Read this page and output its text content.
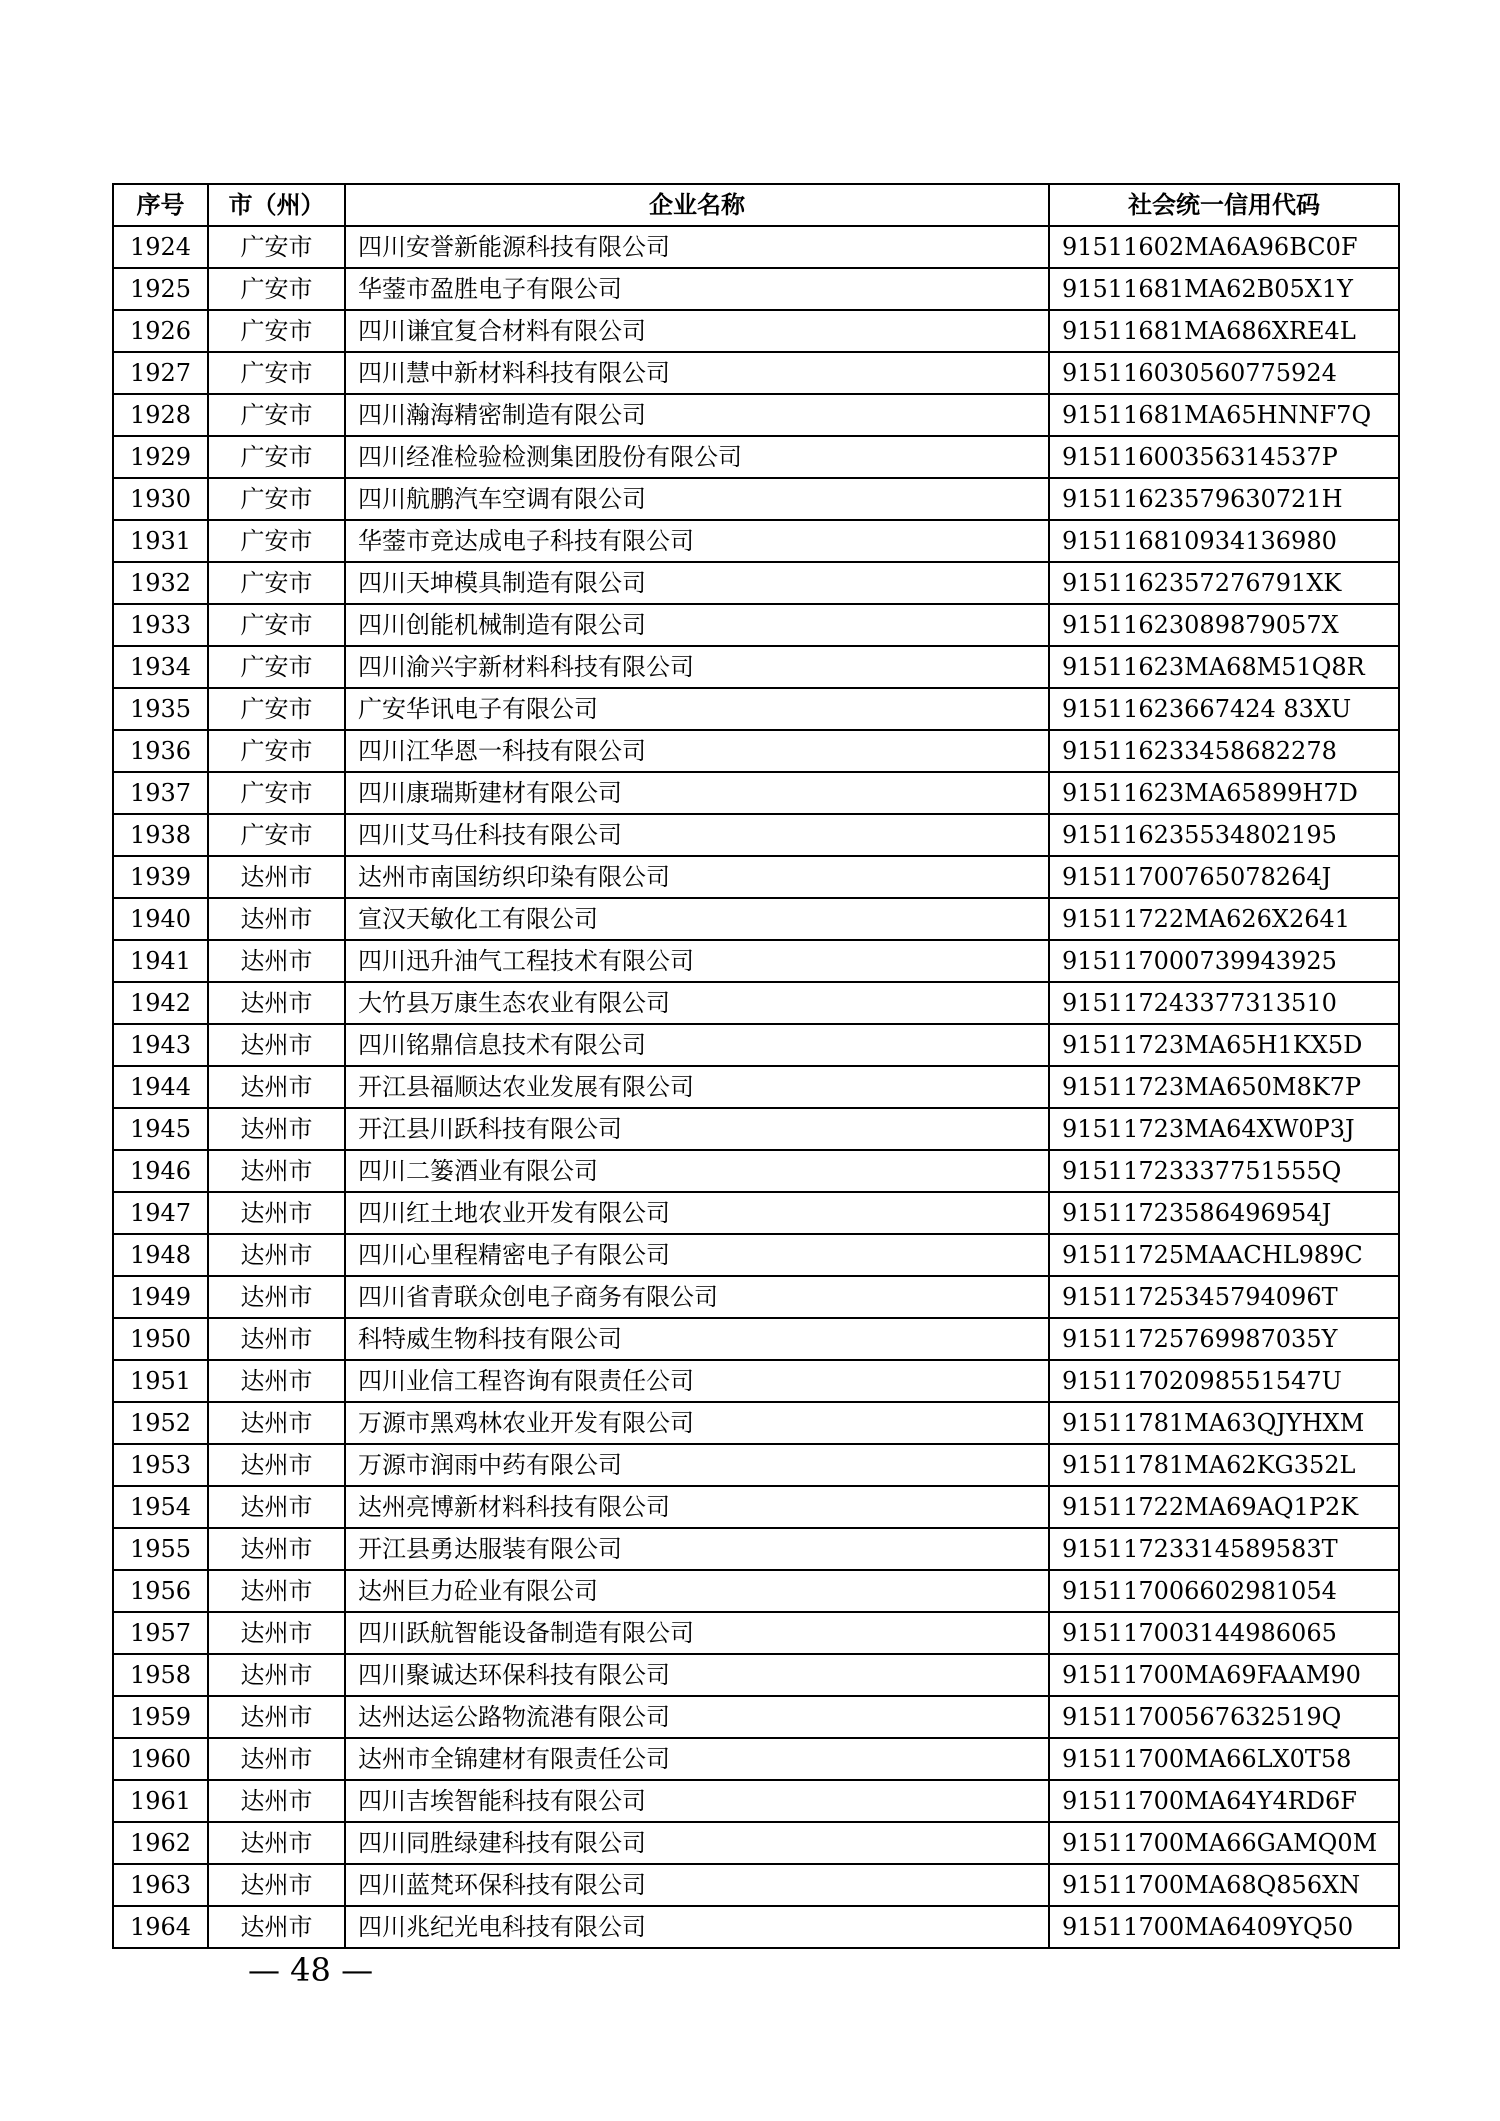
序号	市（州）	企业名称	社会统一信用代码
1924	广安市	四川安誉新能源科技有限公司	91511602MA6A96BC0F
1925	广安市	华蓥市盈胜电子有限公司	91511681MA62B05X1Y
1926	广安市	四川谦宜复合材料有限公司	91511681MA686XRE4L
1927	广安市	四川慧中新材料科技有限公司	915116030560775924
1928	广安市	四川瀚海精密制造有限公司	91511681MA65HNNF7Q
1929	广安市	四川经准检验检测集团股份有限公司	91511600356314537P
1930	广安市	四川航鹏汽车空调有限公司	91511623579630721H
1931	广安市	华蓥市竞达成电子科技有限公司	915116810934136980
1932	广安市	四川天坤模具制造有限公司	9151162357276791XK
1933	广安市	四川创能机械制造有限公司	91511623089879057X
1934	广安市	四川渝兴宇新材料科技有限公司	91511623MA68M51Q8R
1935	广安市	广安华讯电子有限公司	91511623667424 83XU
1936	广安市	四川江华恩一科技有限公司	915116233458682278
1937	广安市	四川康瑞斯建材有限公司	91511623MA65899H7D
1938	广安市	四川艾马仕科技有限公司	915116235534802195
1939	达州市	达州市南国纺织印染有限公司	91511700765078264J
1940	达州市	宣汉天敏化工有限公司	91511722MA626X2641
1941	达州市	四川迅升油气工程技术有限公司	915117000739943925
1942	达州市	大竹县万康生态农业有限公司	915117243377313510
1943	达州市	四川铭鼎信息技术有限公司	91511723MA65H1KX5D
1944	达州市	开江县福顺达农业发展有限公司	91511723MA650M8K7P
1945	达州市	开江县川跃科技有限公司	91511723MA64XW0P3J
1946	达州市	四川二篓酒业有限公司	91511723337751555Q
1947	达州市	四川红土地农业开发有限公司	91511723586496954J
1948	达州市	四川心里程精密电子有限公司	91511725MAACHL989C
1949	达州市	四川省青联众创电子商务有限公司	91511725345794096T
1950	达州市	科特威生物科技有限公司	91511725769987035Y
1951	达州市	四川业信工程咨询有限责任公司	91511702098551547U
1952	达州市	万源市黑鸡林农业开发有限公司	91511781MA63QJYHXM
1953	达州市	万源市润雨中药有限公司	91511781MA62KG352L
1954	达州市	达州亮博新材料科技有限公司	91511722MA69AQ1P2K
1955	达州市	开江县勇达服装有限公司	91511723314589583T
1956	达州市	达州巨力砼业有限公司	915117006602981054
1957	达州市	四川跃航智能设备制造有限公司	915117003144986065
1958	达州市	四川聚诚达环保科技有限公司	91511700MA69FAAM90
1959	达州市	达州达运公路物流港有限公司	91511700567632519Q
1960	达州市	达州市全锦建材有限责任公司	91511700MA66LX0T58
1961	达州市	四川吉埃智能科技有限公司	91511700MA64Y4RD6F
1962	达州市	四川同胜绿建科技有限公司	91511700MA66GAMQ0M
1963	达州市	四川蓝梵环保科技有限公司	91511700MA68Q856XN
1964	达州市	四川兆纪光电科技有限公司	91511700MA6409YQ50
— 48 —
